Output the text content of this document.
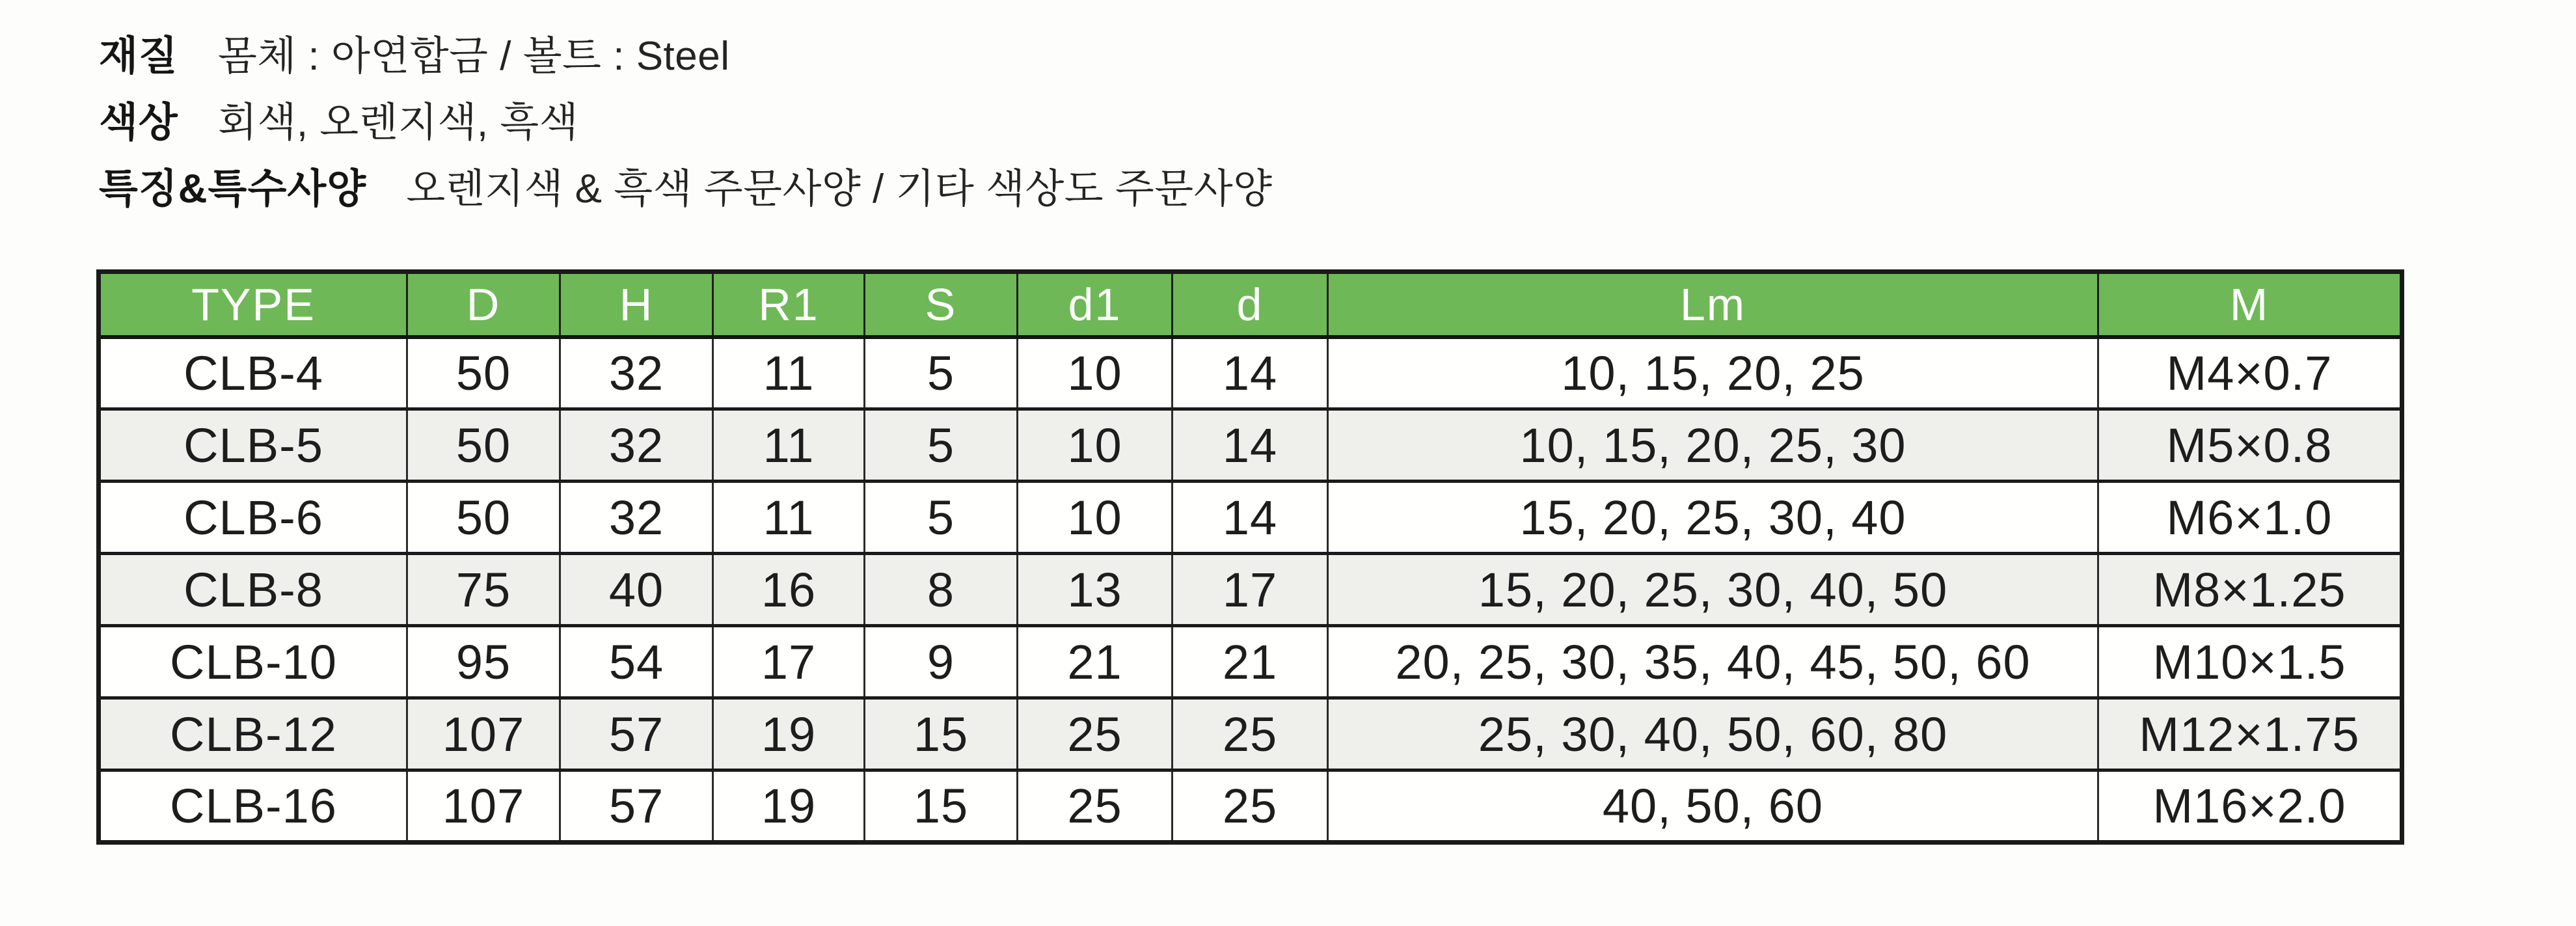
재질 몸체 : 아연합금 / 볼트 : Steel
색상 회색, 오렌지색, 흑색
특징&특수사양 오렌지색 & 흑색 주문사양 / 기타 색상도 주문사양
TYPE	D	H	R1	S	d1	d	Lm	M
CLB-4	50	32	11	5	10	14	10, 15, 20, 25	M4×0.7
CLB-5	50	32	11	5	10	14	10, 15, 20, 25, 30	M5×0.8
CLB-6	50	32	11	5	10	14	15, 20, 25, 30, 40	M6×1.0
CLB-8	75	40	16	8	13	17	15, 20, 25, 30, 40, 50	M8×1.25
CLB-10	95	54	17	9	21	21	20, 25, 30, 35, 40, 45, 50, 60	M10×1.5
CLB-12	107	57	19	15	25	25	25, 30, 40, 50, 60, 80	M12×1.75
CLB-16	107	57	19	15	25	25	40, 50, 60	M16×2.0
